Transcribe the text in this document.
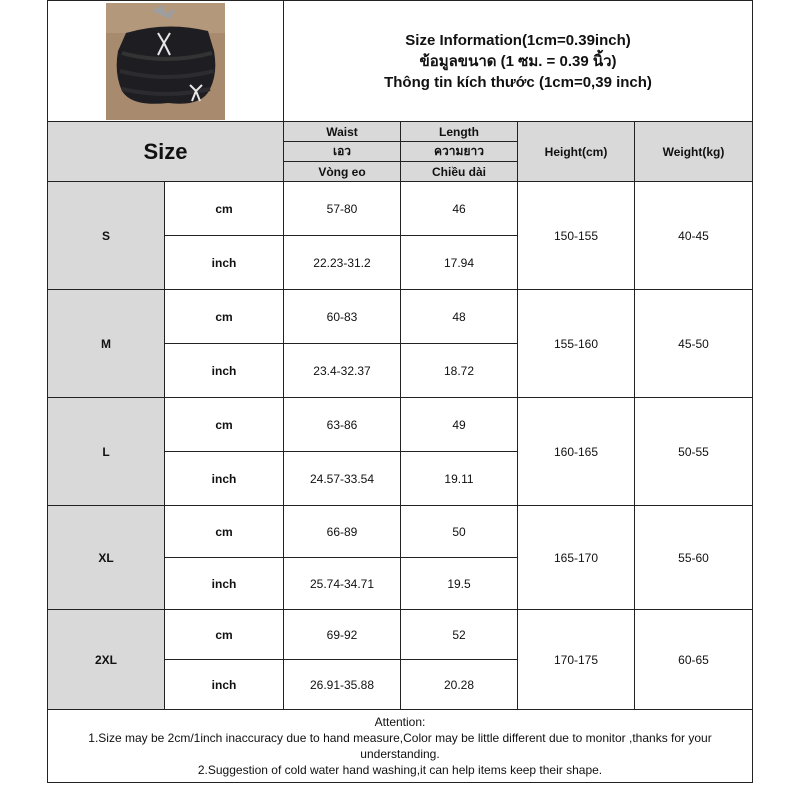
Size Information(1cm=0.39inch)
ข้อมูลขนาด (1 ซม. = 0.39 นิ้ว)
Thông tin kích thước (1cm=0,39 inch)			

Size		Waist	Length	Height(cm)	Weight(kg)
		เอว	ความยาว		
		Vòng eo	Chiều dài		
S	cm	57-80	46	150-155	40-45
	inch	22.23-31.2	17.94		
M	cm	60-83	48	155-160	45-50
	inch	23.4-32.37	18.72		
L	cm	63-86	49	160-165	50-55
	inch	24.57-33.54	19.11		
XL	cm	66-89	50	165-170	55-60
	inch	25.74-34.71	19.5		
2XL	cm	69-92	52	170-175	60-65
	inch	26.91-35.88	20.28		

Attention:
1.Size may be 2cm/1inch inaccuracy due to hand measure,Color may be little different due to monitor ,thanks for your understanding.
2.Suggestion of cold water hand washing,it can help items keep their shape.					
